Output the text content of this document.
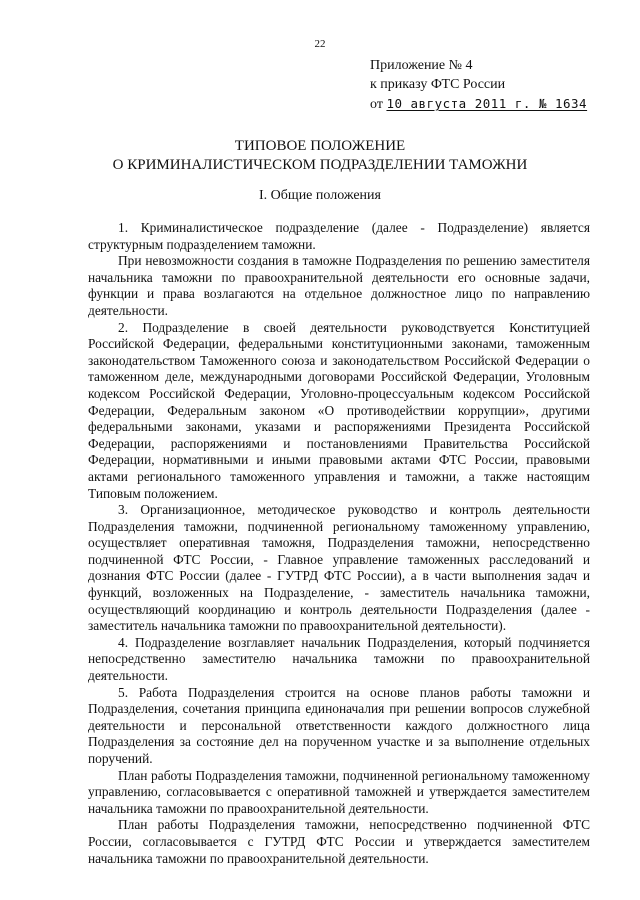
22
Приложение № 4
к приказу ФТС России
от 10 августа 2011 г. № 1634
ТИПОВОЕ ПОЛОЖЕНИЕ
О КРИМИНАЛИСТИЧЕСКОМ ПОДРАЗДЕЛЕНИИ ТАМОЖНИ
I. Общие положения

1. Криминалистическое подразделение (далее - Подразделение) является структурным подразделением таможни.

При невозможности создания в таможне Подразделения по решению заместителя начальника таможни по правоохранительной деятельности его основные задачи, функции и права возлагаются на отдельное должностное лицо по направлению деятельности.

2. Подразделение в своей деятельности руководствуется Конституцией Российской Федерации, федеральными конституционными законами, таможенным законодательством Таможенного союза и законодательством Российской Федерации о таможенном деле, международными договорами Российской Федерации, Уголовным кодексом Российской Федерации, Уголовно-процессуальным кодексом Российской Федерации, Федеральным законом «О противодействии коррупции», другими федеральными законами, указами и распоряжениями Президента Российской Федерации, распоряжениями и постановлениями Правительства Российской Федерации, нормативными и иными правовыми актами ФТС России, правовыми актами регионального таможенного управления и таможни, а также настоящим Типовым положением.

3. Организационное, методическое руководство и контроль деятельности Подразделения таможни, подчиненной региональному таможенному управлению, осуществляет оперативная таможня, Подразделения таможни, непосредственно подчиненной ФТС России, - Главное управление таможенных расследований и дознания ФТС России (далее - ГУТРД ФТС России), а в части выполнения задач и функций, возложенных на Подразделение, - заместитель начальника таможни, осуществляющий координацию и контроль деятельности Подразделения (далее - заместитель начальника таможни по правоохранительной деятельности).

4. Подразделение возглавляет начальник Подразделения, который подчиняется непосредственно заместителю начальника таможни по правоохранительной деятельности.

5. Работа Подразделения строится на основе планов работы таможни и Подразделения, сочетания принципа единоначалия при решении вопросов служебной деятельности и персональной ответственности каждого должностного лица Подразделения за состояние дел на порученном участке и за выполнение отдельных поручений.

План работы Подразделения таможни, подчиненной региональному таможенному управлению, согласовывается с оперативной таможней и утверждается заместителем начальника таможни по правоохранительной деятельности.

План работы Подразделения таможни, непосредственно подчиненной ФТС России, согласовывается с ГУТРД ФТС России и утверждается заместителем начальника таможни по правоохранительной деятельности.
